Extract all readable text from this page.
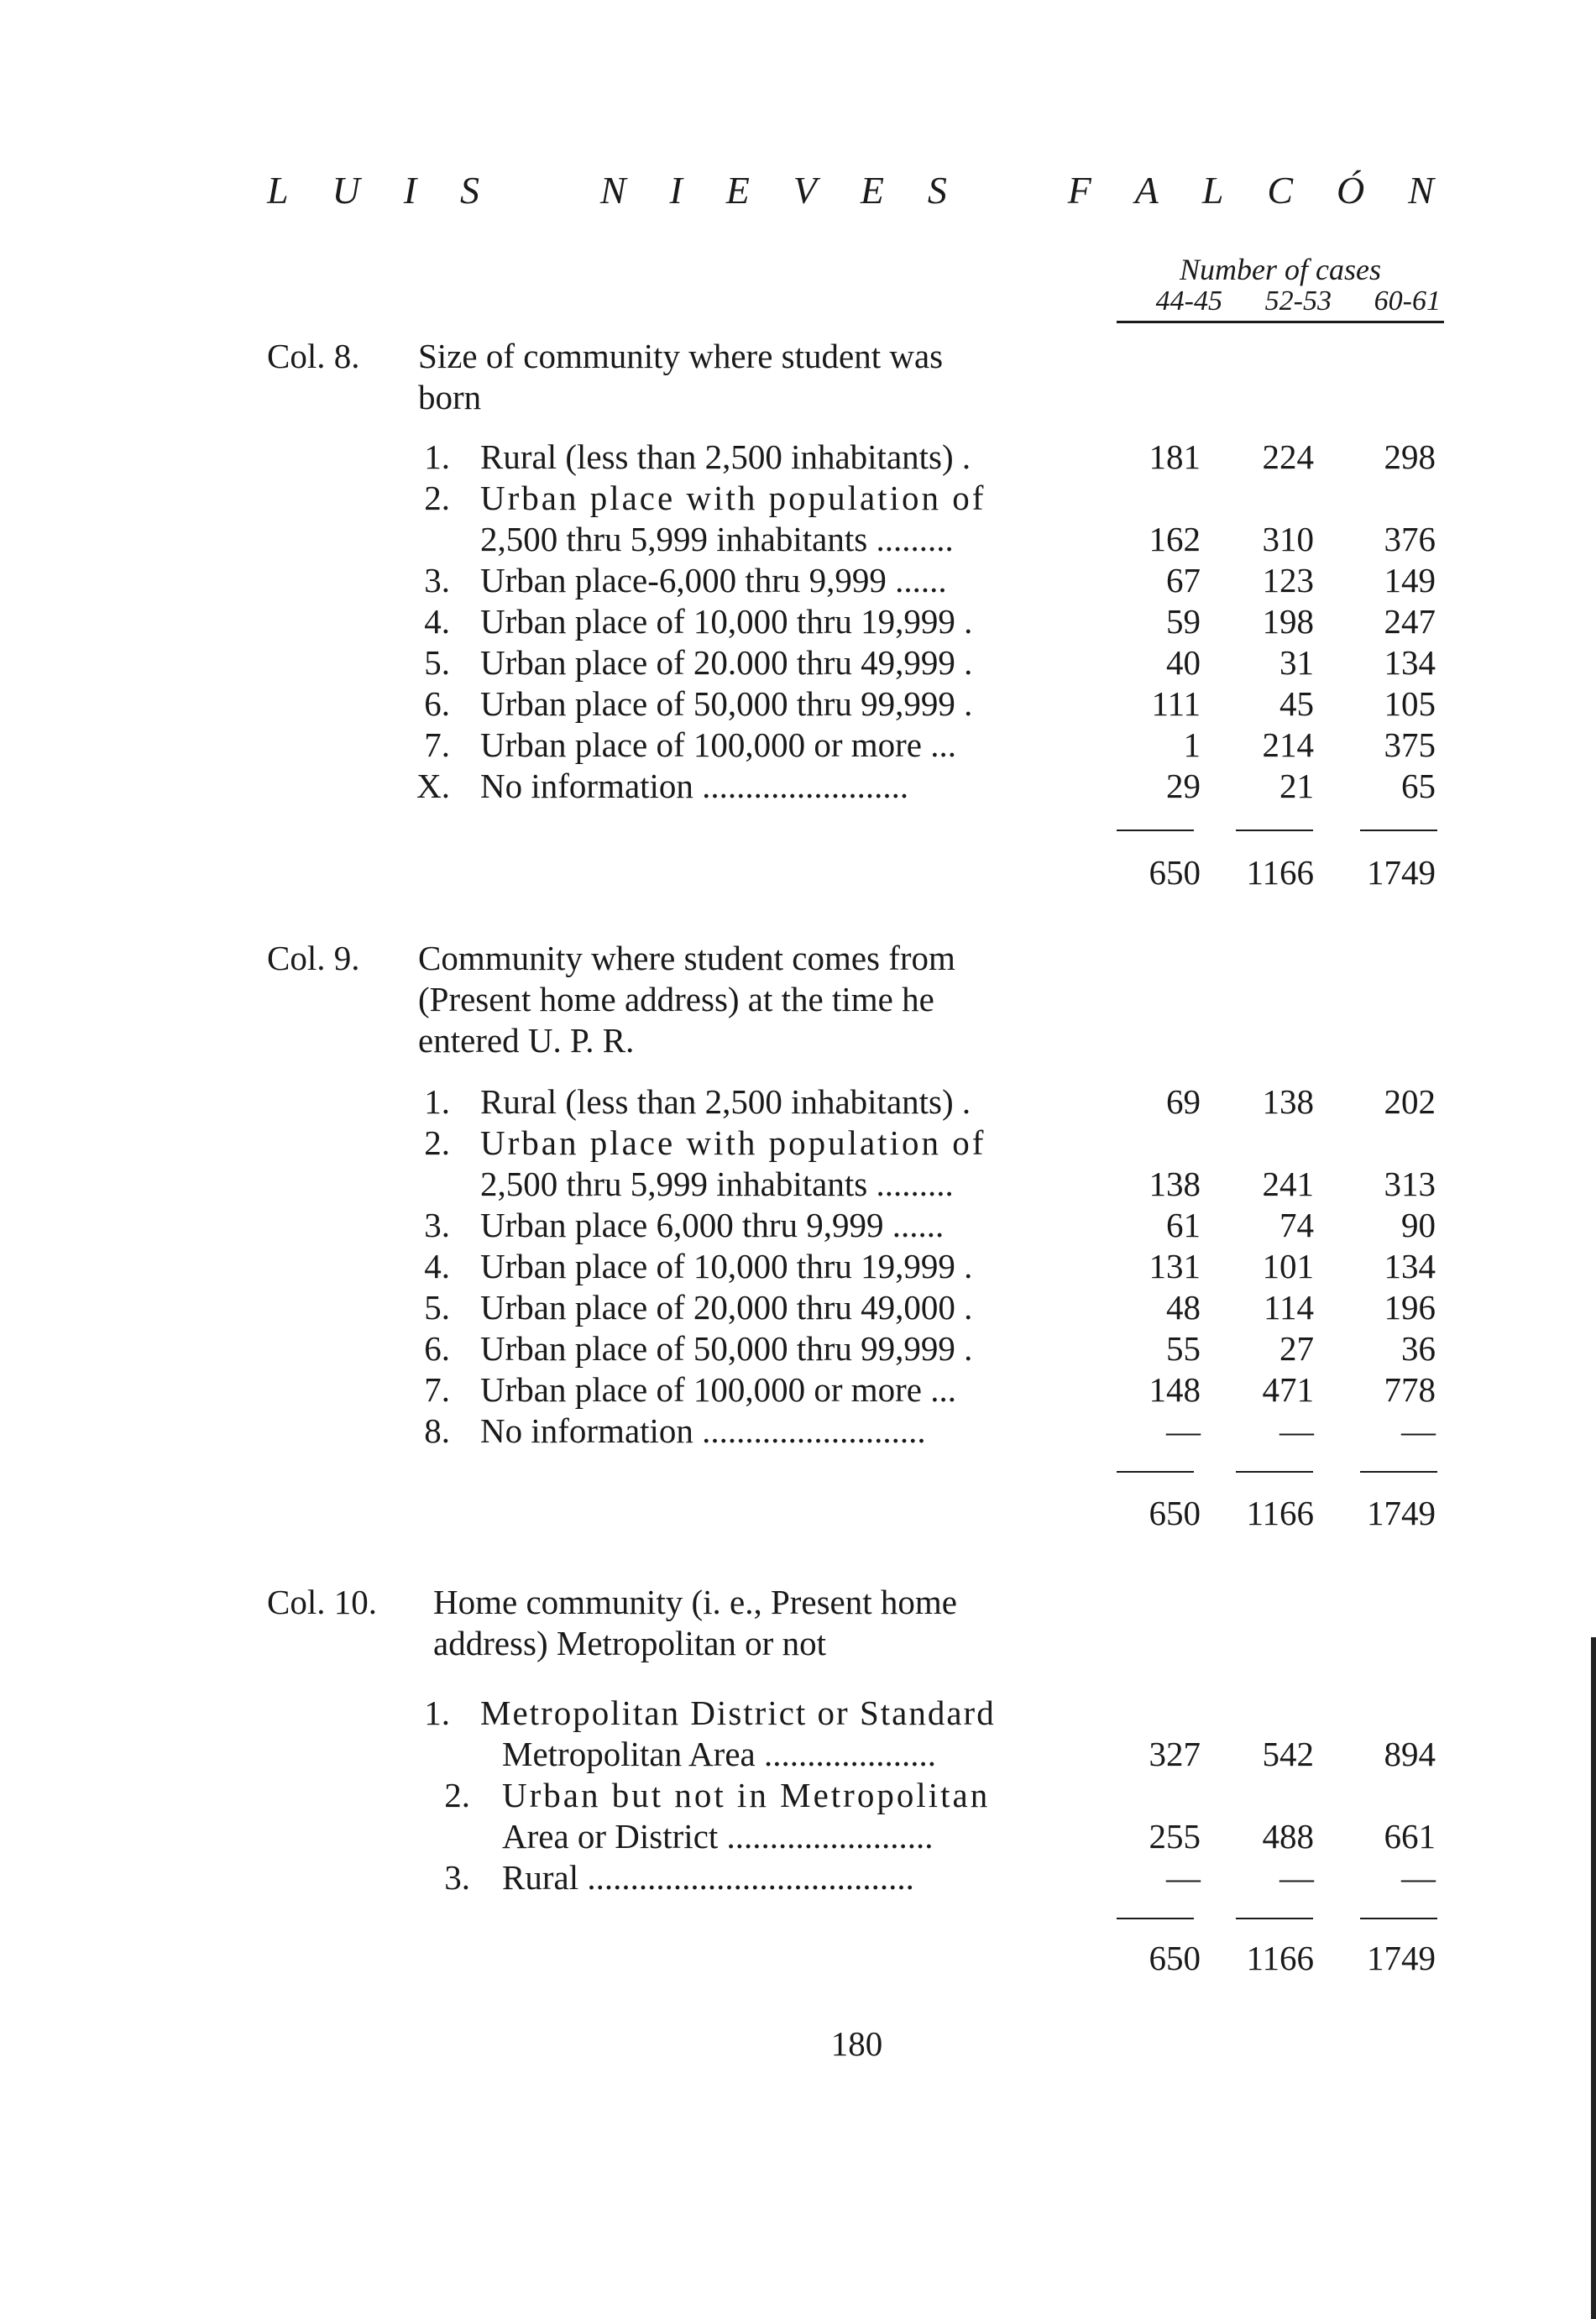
L U I S	N I E V E S	F A L C Ó N
Number of cases
44-45	52-53	60-61
Col. 8. Size of community where student was
born
1. Rural (less than 2,500 inhabitants) .	181	224	298
2. Urban place with population of
2,500 thru 5,999 inhabitants .........	162	310	376
3. Urban place-6,000 thru 9,999 ......	67	123	149
4. Urban place of 10,000 thru 19,999 .	59	198	247
5. Urban place of 20.000 thru 49,999 .	40	31	134
6. Urban place of 50,000 thru 99,999 .	111	45	105
7. Urban place of 100,000 or more ...	1	214	375
X. No information ........................	29	21	65
650	1166	1749
Col. 9. Community where student comes from
(Present home address) at the time he
entered U. P. R.
1. Rural (less than 2,500 inhabitants) .	69	138	202
2. Urban place with population of
2,500 thru 5,999 inhabitants .........	138	241	313
3. Urban place 6,000 thru 9,999 ......	61	74	90
4. Urban place of 10,000 thru 19,999 .	131	101	134
5. Urban place of 20,000 thru 49,000 .	48	114	196
6. Urban place of 50,000 thru 99,999 .	55	27	36
7. Urban place of 100,000 or more ...	148	471	778
8. No information ..........................	—	—	—
650	1166	1749
Col. 10. Home community (i. e., Present home
address) Metropolitan or not
1. Metropolitan District or Standard
Metropolitan Area ....................	327	542	894
2. Urban but not in Metropolitan
Area or District ........................	255	488	661
3. Rural ......................................	—	—	—
650	1166	1749
180
